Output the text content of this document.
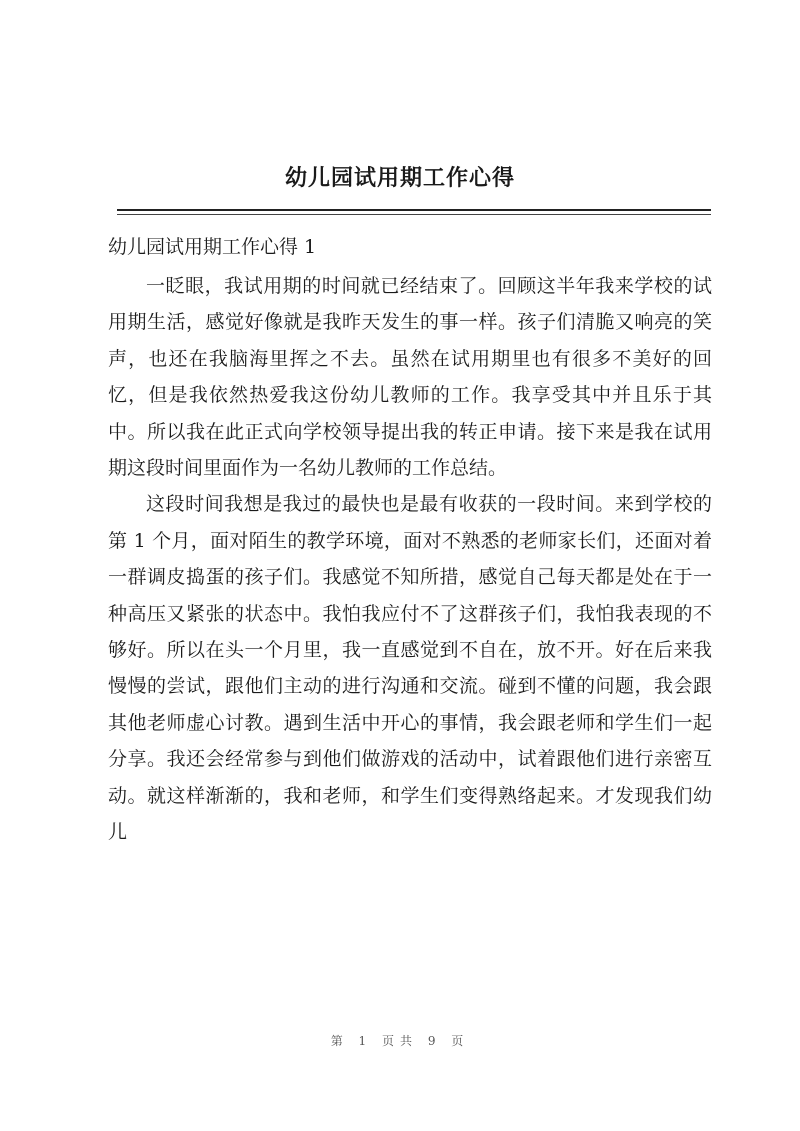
幼儿园试用期工作心得
幼儿园试用期工作心得 1

一眨眼，我试用期的时间就已经结束了。回顾这半年我来学校的试用期生活，感觉好像就是我昨天发生的事一样。孩子们清脆又响亮的笑声，也还在我脑海里挥之不去。虽然在试用期里也有很多不美好的回忆，但是我依然热爱我这份幼儿教师的工作。我享受其中并且乐于其中。所以我在此正式向学校领导提出我的转正申请。接下来是我在试用期这段时间里面作为一名幼儿教师的工作总结。

这段时间我想是我过的最快也是最有收获的一段时间。来到学校的第 1 个月，面对陌生的教学环境，面对不熟悉的老师家长们，还面对着一群调皮捣蛋的孩子们。我感觉不知所措，感觉自己每天都是处在于一种高压又紧张的状态中。我怕我应付不了这群孩子们，我怕我表现的不够好。所以在头一个月里，我一直感觉到不自在，放不开。好在后来我慢慢的尝试，跟他们主动的进行沟通和交流。碰到不懂的问题，我会跟其他老师虚心讨教。遇到生活中开心的事情，我会跟老师和学生们一起分享。我还会经常参与到他们做游戏的活动中，试着跟他们进行亲密互动。就这样渐渐的，我和老师，和学生们变得熟络起来。才发现我们幼儿

第 1 页共 9 页
